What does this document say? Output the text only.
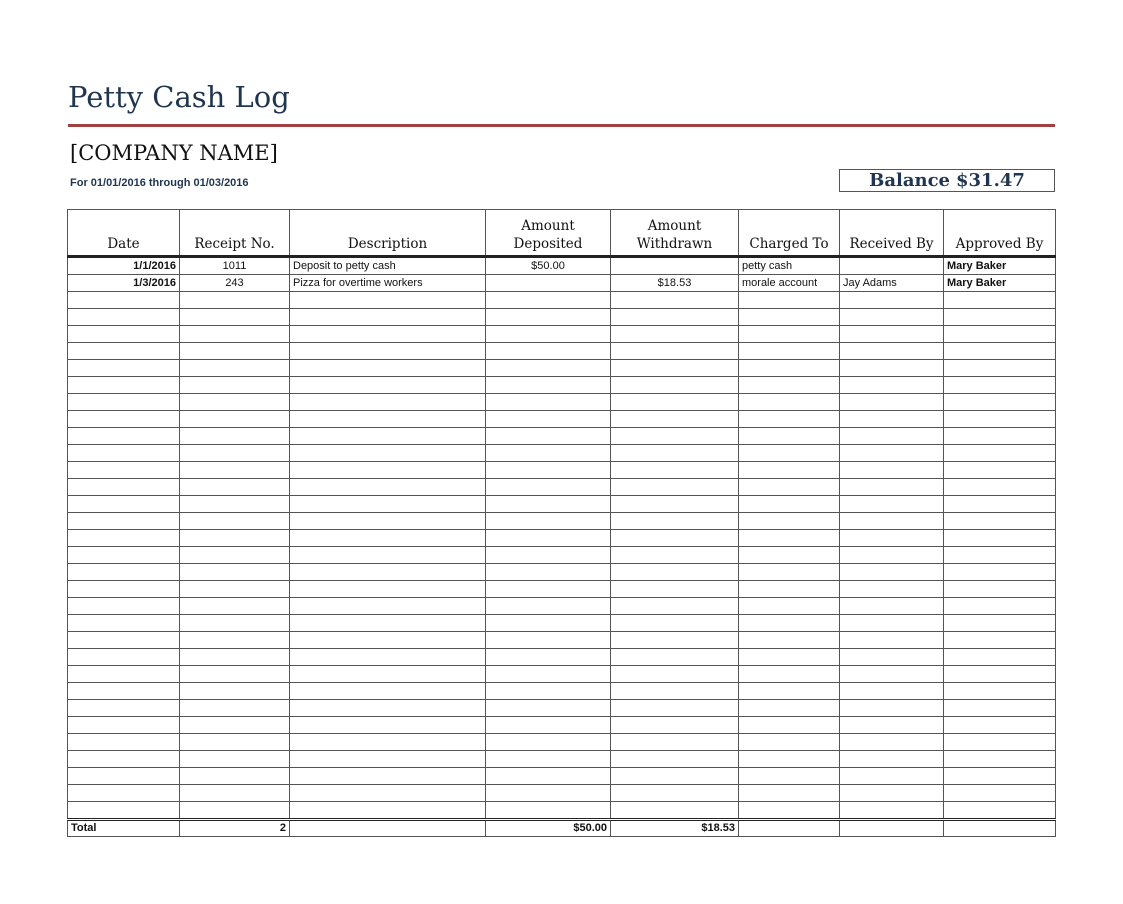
Petty Cash Log
[COMPANY NAME]
For 01/01/2016 through 01/03/2016	Balance $31.47
Date	Receipt No.	Description	Amount Deposited	Amount Withdrawn	Charged To	Received By	Approved By
1/1/2016	1011	Deposit to petty cash	$50.00		petty cash		Mary Baker
1/3/2016	243	Pizza for overtime workers		$18.53	morale account	Jay Adams	Mary Baker

Total	2		$50.00	$18.53			
